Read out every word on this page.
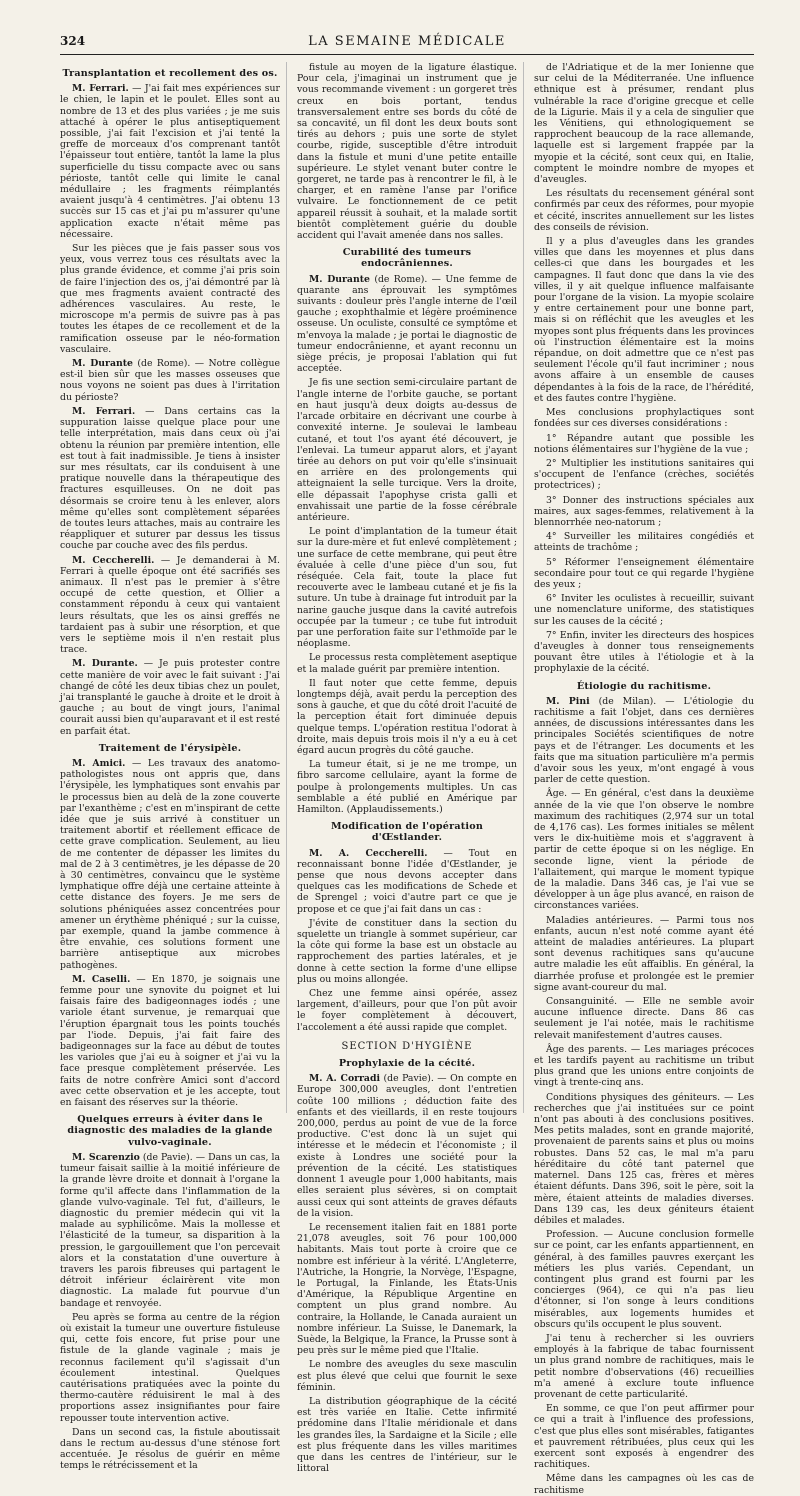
324	LA SEMAINE MÉDICALE
Transplantation et recollement des os.

M. Ferrari. — J'ai fait mes expériences sur le chien, le lapin et le poulet. Elles sont au nombre de 13 et des plus variées ; je me suis attaché à opérer le plus antiseptiquement possible, j'ai fait l'excision et j'ai tenté la greffe de morceaux d'os comprenant tantôt l'épaisseur tout entière, tantôt la lame la plus superficielle du tissu compacte avec ou sans périoste, tantôt celle qui limite le canal médullaire ; les fragments réimplantés avaient jusqu'à 4 centimètres. J'ai obtenu 13 succès sur 15 cas et j'ai pu m'assurer qu'une application exacte n'était même pas nécessaire.

Sur les pièces que je fais passer sous vos yeux, vous verrez tous ces résultats avec la plus grande évidence, et comme j'ai pris soin de faire l'injection des os, j'ai démontré par là que mes fragments avaient contracté des adhérences vasculaires. Au reste, le microscope m'a permis de suivre pas à pas toutes les étapes de ce recollement et de la ramification osseuse par le néo-formation vasculaire.

M. Durante (de Rome). — Notre collègue est-il bien sûr que les masses osseuses que nous voyons ne soient pas dues à l'irritation du périoste?

M. Ferrari. — Dans certains cas la suppuration laisse quelque place pour une telle interprétation, mais dans ceux où j'ai obtenu la réunion par première intention, elle est tout à fait inadmissible. Je tiens à insister sur mes résultats, car ils conduisent à une pratique nouvelle dans la thérapeutique des fractures esquilleuses. On ne doit pas désormais se croire tenu à les enlever, alors même qu'elles sont complètement séparées de toutes leurs attaches, mais au contraire les réappliquer et suturer par dessus les tissus couche par couche avec des fils perdus.

M. Ceccherelli. — Je demanderai à M. Ferrari à quelle époque ont été sacrifiés ses animaux. Il n'est pas le premier à s'être occupé de cette question, et Ollier a constamment répondu à ceux qui vantaient leurs résultats, que les os ainsi greffés ne tardaient pas à subir une résorption, et que vers le septième mois il n'en restait plus trace.

M. Durante. — Je puis protester contre cette manière de voir avec le fait suivant : J'ai changé de côté les deux tibias chez un poulet, j'ai transplanté le gauche à droite et le droit à gauche ; au bout de vingt jours, l'animal courait aussi bien qu'auparavant et il est resté en parfait état.

Traitement de l'érysipèle.

M. Amici. — Les travaux des anatomo-pathologistes nous ont appris que, dans l'érysipèle, les lymphatiques sont envahis par le processus bien au delà de la zone couverte par l'exanthème ; c'est en m'inspirant de cette idée que je suis arrivé à constituer un traitement abortif et réellement efficace de cette grave complication. Seulement, au lieu de me contenter de dépasser les limites du mal de 2 à 3 centimètres, je les dépasse de 20 à 30 centimètres, convaincu que le système lymphatique offre déjà une certaine atteinte à cette distance des foyers. Je me sers de solutions phéniquées assez concentrées pour amener un érythème phéniqué ; sur la cuisse, par exemple, quand la jambe commence à être envahie, ces solutions forment une barrière antiseptique aux microbes pathogènes.

M. Caselli. — En 1870, je soignais une femme pour une synovite du poignet et lui faisais faire des badigeonnages iodés ; une variole étant survenue, je remarquai que l'éruption épargnait tous les points touchés par l'iode. Depuis, j'ai fait faire des badigeonnages sur la face au début de toutes les varioles que j'ai eu à soigner et j'ai vu la face presque complètement préservée. Les faits de notre confrère Amici sont d'accord avec cette observation et je les accepte, tout en faisant des réserves sur la théorie.

Quelques erreurs à éviter dans le diagnostic des maladies de la glande vulvo-vaginale.

M. Scarenzio (de Pavie). — Dans un cas, la tumeur faisait saillie à la moitié inférieure de la grande lèvre droite et donnait à l'organe la forme qu'il affecte dans l'inflammation de la glande vulvo-vaginale. Tel fut, d'ailleurs, le diagnostic du premier médecin qui vit la malade au syphilicôme. Mais la mollesse et l'élasticité de la tumeur, sa disparition à la pression, le gargouillement que l'on percevait alors et la constatation d'une ouverture à travers les parois fibreuses qui partagent le détroit inférieur éclairèrent vite mon diagnostic. La malade fut pourvue d'un bandage et renvoyée.

Peu après se forma au centre de la région où existait la tumeur une ouverture fistuleuse qui, cette fois encore, fut prise pour une fistule de la glande vaginale ; mais je reconnus facilement qu'il s'agissait d'un écoulement intestinal. Quelques cautérisations pratiquées avec la pointe du thermo-cautère réduisirent le mal à des proportions assez insignifiantes pour faire repousser toute intervention active.

Dans un second cas, la fistule aboutissait dans le rectum au-dessus d'une sténose fort accentuée. Je résolus de guérir en même temps le rétrécissement et la

fistule au moyen de la ligature élastique. Pour cela, j'imaginai un instrument que je vous recommande vivement : un gorgeret très creux en bois portant, tendus transversalement entre ses bords du côté de sa concavité, un fil dont les deux bouts sont tirés au dehors ; puis une sorte de stylet courbe, rigide, susceptible d'être introduit dans la fistule et muni d'une petite entaille supérieure. Le stylet venant buter contre le gorgeret, ne tarde pas à rencontrer le fil, à le charger, et en ramène l'anse par l'orifice vulvaire. Le fonctionnement de ce petit appareil réussit à souhait, et la malade sortit bientôt complètement guérie du double accident qui l'avait amenée dans nos salles.

Curabilité des tumeurs endocrâniennes.

M. Durante (de Rome). — Une femme de quarante ans éprouvait les symptômes suivants : douleur près l'angle interne de l'œil gauche ; exophthalmie et légère proéminence osseuse. Un oculiste, consulté ce symptôme et m'envoya la malade ; je portai le diagnostic de tumeur endocrânienne, et ayant reconnu un siège précis, je proposai l'ablation qui fut acceptée.

Je fis une section semi-circulaire partant de l'angle interne de l'orbite gauche, se portant en haut jusqu'à deux doigts au-dessus de l'arcade orbitaire en décrivant une courbe à convexité interne. Je soulevai le lambeau cutané, et tout l'os ayant été découvert, je l'enlevai. La tumeur apparut alors, et j'ayant tirée au dehors on put voir qu'elle s'insinuait en arrière en des prolongements qui atteignaient la selle turcique. Vers la droite, elle dépassait l'apophyse crista galli et envahissait une partie de la fosse cérébrale antérieure.

Le point d'implantation de la tumeur était sur la dure-mère et fut enlevé complètement ; une surface de cette membrane, qui peut être évaluée à celle d'une pièce d'un sou, fut réséquée. Cela fait, toute la place fut recouverte avec le lambeau cutané et je fis la suture. Un tube à drainage fut introduit par la narine gauche jusque dans la cavité autrefois occupée par la tumeur ; ce tube fut introduit par une perforation faite sur l'ethmoïde par le néoplasme.

Le processus resta complètement aseptique et la malade guérit par première intention.

Il faut noter que cette femme, depuis longtemps déjà, avait perdu la perception des sons à gauche, et que du côté droit l'acuité de la perception était fort diminuée depuis quelque temps. L'opération restitua l'odorat à droite, mais depuis trois mois il n'y a eu à cet égard aucun progrès du côté gauche.

La tumeur était, si je ne me trompe, un fibro sarcome cellulaire, ayant la forme de poulpe à prolongements multiples. Un cas semblable a été publié en Amérique par Hamilton. (Applaudissements.)

Modification de l'opération d'Œstlander.

M. A. Ceccherelli. — Tout en reconnaissant bonne l'idée d'Œstlander, je pense que nous devons accepter dans quelques cas les modifications de Schede et de Sprengel ; voici d'autre part ce que je propose et ce que j'ai fait dans un cas :

J'évite de constituer dans la section du squelette un triangle à sommet supérieur, car la côte qui forme la base est un obstacle au rapprochement des parties latérales, et je donne à cette section la forme d'une ellipse plus ou moins allongée.

Chez une femme ainsi opérée, assez largement, d'ailleurs, pour que l'on pût avoir le foyer complètement à découvert, l'accolement a été aussi rapide que complet.

SECTION D'HYGIÈNE
Prophylaxie de la cécité.

M. A. Corradi (de Pavie). — On compte en Europe 300,000 aveugles, dont l'entretien coûte 100 millions ; déduction faite des enfants et des vieillards, il en reste toujours 200,000, perdus au point de vue de la force productive. C'est donc là un sujet qui intéresse et le médecin et l'économiste ; il existe à Londres une société pour la prévention de la cécité. Les statistiques donnent 1 aveugle pour 1,000 habitants, mais elles seraient plus sévères, si on comptait aussi ceux qui sont atteints de graves défauts de la vision.

Le recensement italien fait en 1881 porte 21,078 aveugles, soit 76 pour 100,000 habitants. Mais tout porte à croire que ce nombre est inférieur à la vérité. L'Angleterre, l'Autriche, la Hongrie, la Norvège, l'Espagne, le Portugal, la Finlande, les États-Unis d'Amérique, la République Argentine en comptent un plus grand nombre. Au contraire, la Hollande, le Canada auraient un nombre inférieur. La Suisse, le Danemark, la Suède, la Belgique, la France, la Prusse sont à peu près sur le même pied que l'Italie.

Le nombre des aveugles du sexe masculin est plus élevé que celui que fournit le sexe féminin.

La distribution géographique de la cécité est très variée en Italie. Cette infirmité prédomine dans l'Italie méridionale et dans les grandes îles, la Sardaigne et la Sicile ; elle est plus fréquente dans les villes maritimes que dans les centres de l'intérieur, sur le littoral

de l'Adriatique et de la mer Ionienne que sur celui de la Méditerranée. Une influence ethnique est à présumer, rendant plus vulnérable la race d'origine grecque et celle de la Ligurie. Mais il y a cela de singulier que les Vénitiens, qui ethnologiquement se rapprochent beaucoup de la race allemande, laquelle est si largement frappée par la myopie et la cécité, sont ceux qui, en Italie, comptent le moindre nombre de myopes et d'aveugles.

Les résultats du recensement général sont confirmés par ceux des réformes, pour myopie et cécité, inscrites annuellement sur les listes des conseils de révision.

Il y a plus d'aveugles dans les grandes villes que dans les moyennes et plus dans celles-ci que dans les bourgades et les campagnes. Il faut donc que dans la vie des villes, il y ait quelque influence malfaisante pour l'organe de la vision. La myopie scolaire y entre certainement pour une bonne part, mais si on réfléchit que les aveugles et les myopes sont plus fréquents dans les provinces où l'instruction élémentaire est la moins répandue, on doit admettre que ce n'est pas seulement l'école qu'il faut incriminer ; nous avons affaire à un ensemble de causes dépendantes à la fois de la race, de l'hérédité, et des fautes contre l'hygiène.

Mes conclusions prophylactiques sont fondées sur ces diverses considérations :

1° Répandre autant que possible les notions élémentaires sur l'hygiène de la vue ;

2° Multiplier les institutions sanitaires qui s'occupent de l'enfance (crèches, sociétés protectrices) ;

3° Donner des instructions spéciales aux maires, aux sages-femmes, relativement à la blennorrhée neo-natorum ;

4° Surveiller les militaires congédiés et atteints de trachôme ;

5° Réformer l'enseignement élémentaire secondaire pour tout ce qui regarde l'hygiène des yeux ;

6° Inviter les oculistes à recueillir, suivant une nomenclature uniforme, des statistiques sur les causes de la cécité ;

7° Enfin, inviter les directeurs des hospices d'aveugles à donner tous renseignements pouvant être utiles à l'étiologie et à la prophylaxie de la cécité.

Étiologie du rachitisme.

M. Pini (de Milan). — L'étiologie du rachitisme a fait l'objet, dans ces dernières années, de discussions intéressantes dans les principales Sociétés scientifiques de notre pays et de l'étranger. Les documents et les faits que ma situation particulière m'a permis d'avoir sous les yeux, m'ont engagé à vous parler de cette question.

Âge. — En général, c'est dans la deuxième année de la vie que l'on observe le nombre maximum des rachitiques (2,974 sur un total de 4,176 cas). Les formes initiales se mêlent vers le dix-huitième mois et s'aggravent à partir de cette époque si on les néglige. En seconde ligne, vient la période de l'allaitement, qui marque le moment typique de la maladie. Dans 346 cas, je l'ai vue se développer à un âge plus avancé, en raison de circonstances variées.

Maladies antérieures. — Parmi tous nos enfants, aucun n'est noté comme ayant été atteint de maladies antérieures. La plupart sont devenus rachitiques sans qu'aucune autre maladie les eût affaiblis. En général, la diarrhée profuse et prolongée est le premier signe avant-coureur du mal.

Consanguinité. — Elle ne semble avoir aucune influence directe. Dans 86 cas seulement je l'ai notée, mais le rachitisme relevait manifestement d'autres causes.

Âge des parents. — Les mariages précoces et les tardifs payent au rachitisme un tribut plus grand que les unions entre conjoints de vingt à trente-cinq ans.

Conditions physiques des géniteurs. — Les recherches que j'ai instituées sur ce point n'ont pas abouti à des conclusions positives. Mes petits malades, sont en grande majorité, provenaient de parents sains et plus ou moins robustes. Dans 52 cas, le mal m'a paru héréditaire du côté tant paternel que maternel. Dans 125 cas, frères et mères étaient défunts. Dans 396, soit le père, soit la mère, étaient atteints de maladies diverses. Dans 139 cas, les deux géniteurs étaient débiles et malades.

Profession. — Aucune conclusion formelle sur ce point, car les enfants appartiennent, en général, à des familles pauvres exerçant les métiers les plus variés. Cependant, un contingent plus grand est fourni par les concierges (964), ce qui n'a pas lieu d'étonner, si l'on songe à leurs conditions misérables, aux logements humides et obscurs qu'ils occupent le plus souvent.

J'ai tenu à rechercher si les ouvriers employés à la fabrique de tabac fournissent un plus grand nombre de rachitiques, mais le petit nombre d'observations (46) recueillies m'a amené à exclure toute influence provenant de cette particularité.

En somme, ce que l'on peut affirmer pour ce qui a trait à l'influence des professions, c'est que plus elles sont misérables, fatigantes et pauvrement rétribuées, plus ceux qui les exercent sont exposés à engendrer des rachitiques.

Même dans les campagnes où les cas de rachitisme
